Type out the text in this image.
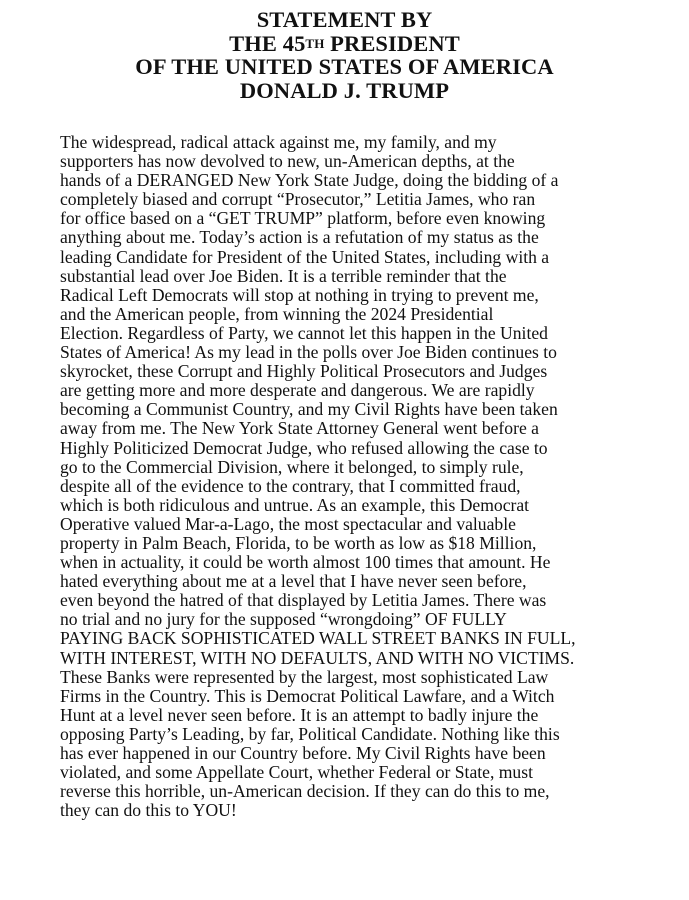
STATEMENT BY
THE 45TH PRESIDENT
OF THE UNITED STATES OF AMERICA
DONALD J. TRUMP
The widespread, radical attack against me, my family, and my
supporters has now devolved to new, un-American depths, at the
hands of a DERANGED New York State Judge, doing the bidding of a
completely biased and corrupt “Prosecutor,” Letitia James, who ran
for office based on a “GET TRUMP” platform, before even knowing
anything about me. Today’s action is a refutation of my status as the
leading Candidate for President of the United States, including with a
substantial lead over Joe Biden. It is a terrible reminder that the
Radical Left Democrats will stop at nothing in trying to prevent me,
and the American people, from winning the 2024 Presidential
Election. Regardless of Party, we cannot let this happen in the United
States of America! As my lead in the polls over Joe Biden continues to
skyrocket, these Corrupt and Highly Political Prosecutors and Judges
are getting more and more desperate and dangerous. We are rapidly
becoming a Communist Country, and my Civil Rights have been taken
away from me. The New York State Attorney General went before a
Highly Politicized Democrat Judge, who refused allowing the case to
go to the Commercial Division, where it belonged, to simply rule,
despite all of the evidence to the contrary, that I committed fraud,
which is both ridiculous and untrue. As an example, this Democrat
Operative valued Mar-a-Lago, the most spectacular and valuable
property in Palm Beach, Florida, to be worth as low as $18 Million,
when in actuality, it could be worth almost 100 times that amount. He
hated everything about me at a level that I have never seen before,
even beyond the hatred of that displayed by Letitia James. There was
no trial and no jury for the supposed “wrongdoing” OF FULLY
PAYING BACK SOPHISTICATED WALL STREET BANKS IN FULL,
WITH INTEREST, WITH NO DEFAULTS, AND WITH NO VICTIMS.
These Banks were represented by the largest, most sophisticated Law
Firms in the Country. This is Democrat Political Lawfare, and a Witch
Hunt at a level never seen before. It is an attempt to badly injure the
opposing Party’s Leading, by far, Political Candidate. Nothing like this
has ever happened in our Country before. My Civil Rights have been
violated, and some Appellate Court, whether Federal or State, must
reverse this horrible, un-American decision. If they can do this to me,
they can do this to YOU!
